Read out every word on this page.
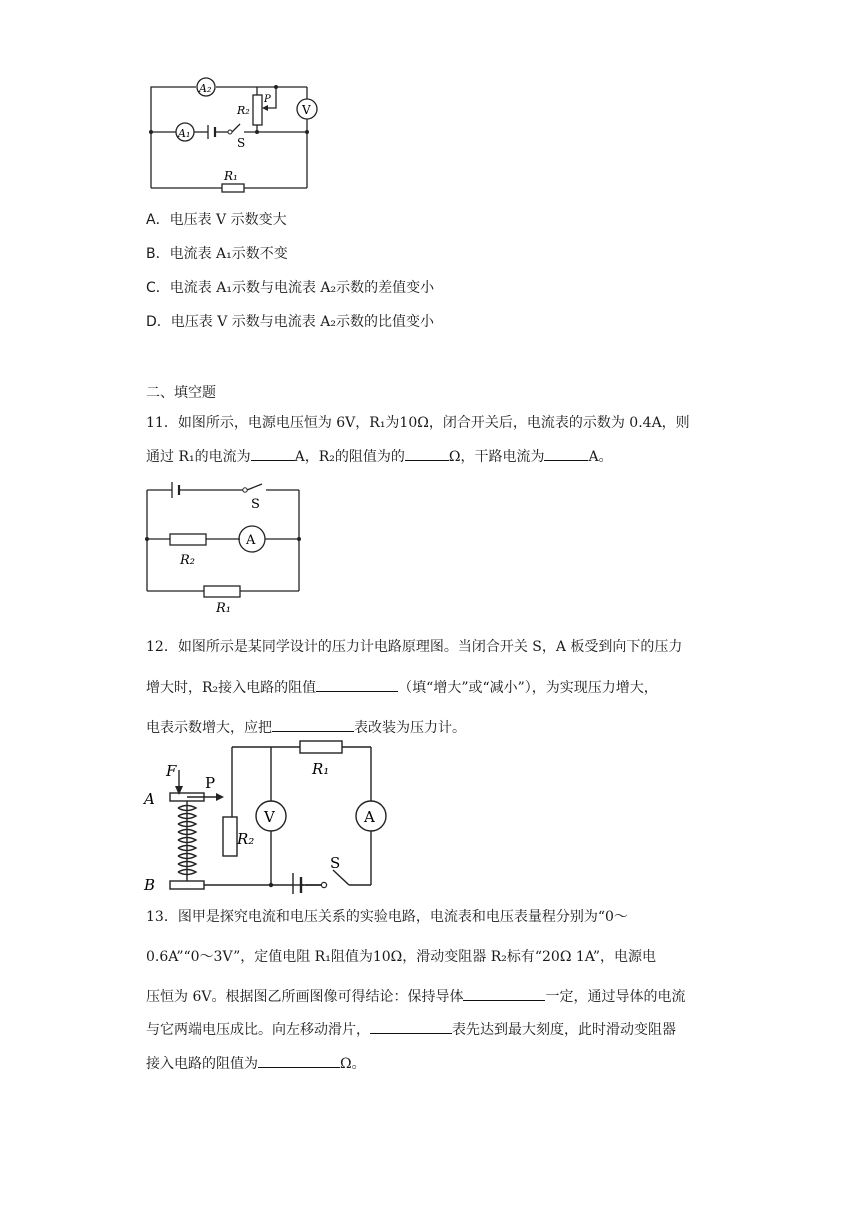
A₂
A₁
V
R₂
P
S
R₁
A．电压表 V 示数变大
B．电流表 A₁示数不变
C．电流表 A₁示数与电流表 A₂示数的差值变小
D．电压表 V 示数与电流表 A₂示数的比值变小
二、填空题
11．如图所示，电源电压恒为 6V，R₁为10Ω，闭合开关后，电流表的示数为 0.4A，则
通过 R₁的电流为	A，R₂的阻值为的	Ω，干路电流为	A。
S
A
R₂
R₁
12．如图所示是某同学设计的压力计电路原理图。当闭合开关 S，A 板受到向下的压力
增大时，R₂接入电路的阻值	（填“增大”或“减小”），为实现压力增大，
电表示数增大，应把	表改装为压力计。
F
P
A
B
R₁
R₂
V	A
S
13．图甲是探究电流和电压关系的实验电路，电流表和电压表量程分别为“0～
0.6A”“0～3V”，定值电阻 R₁阻值为10Ω，滑动变阻器 R₂标有“20Ω 1A”，电源电
压恒为 6V。根据图乙所画图像可得结论：保持导体	一定，通过导体的电流
与它两端电压成比。向左移动滑片，	表先达到最大刻度，此时滑动变阻器
接入电路的阻值为	Ω。
